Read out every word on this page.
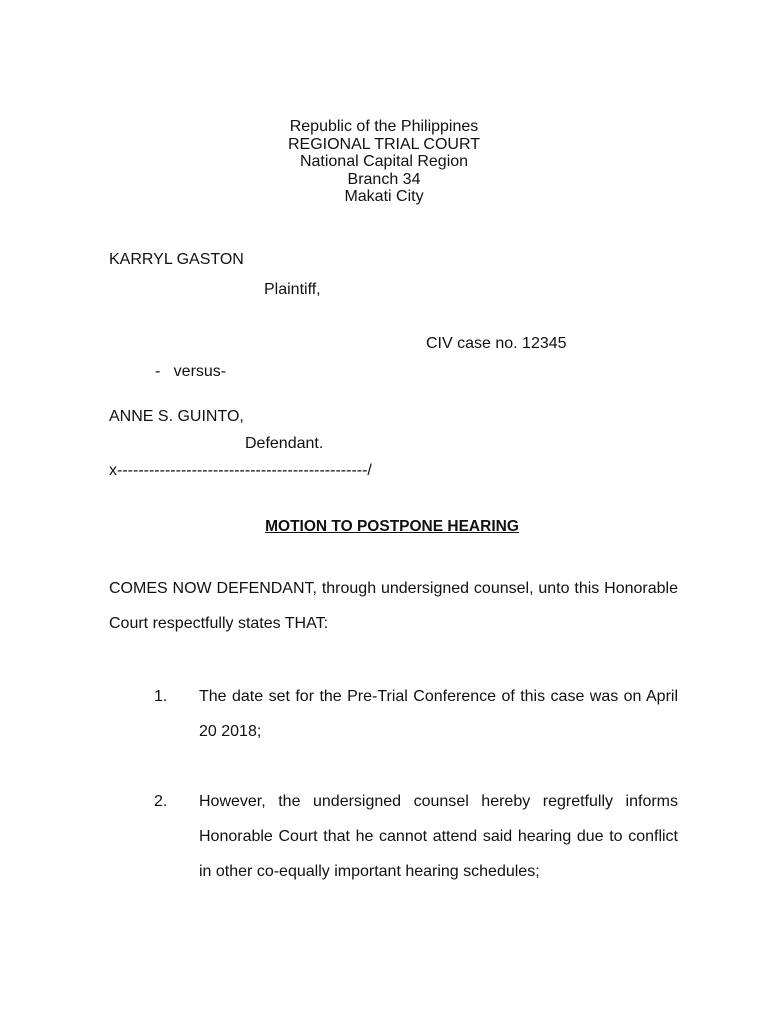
Republic of the Philippines
REGIONAL TRIAL COURT
National Capital Region
Branch 34
Makati City
KARRYL GASTON
Plaintiff,
CIV case no. 12345
-   versus-
ANNE S. GUINTO,
Defendant.
x-----------------------------------------------/
MOTION TO POSTPONE HEARING
COMES NOW DEFENDANT, through undersigned counsel, unto this Honorable Court respectfully states THAT:
1. The date set for the Pre-Trial Conference of this case was on April 20 2018;
2. However, the undersigned counsel hereby regretfully informs Honorable Court that he cannot attend said hearing due to conflict in other co-equally important hearing schedules;
